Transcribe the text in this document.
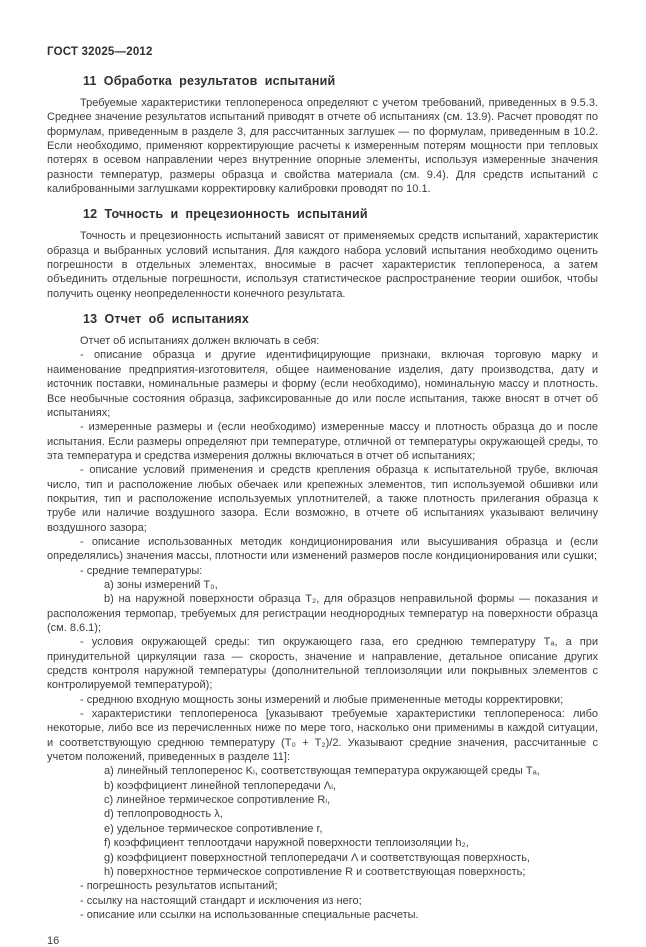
ГОСТ 32025—2012
11 Обработка результатов испытаний

Требуемые характеристики теплопереноса определяют с учетом требований, приведенных в 9.5.3. Среднее значение результатов испытаний приводят в отчете об испытаниях (см. 13.9). Расчет проводят по формулам, приведенным в разделе 3, для рассчитанных заглушек — по формулам, приведенным в 10.2. Если необходимо, применяют корректирующие расчеты к измеренным потерям мощности при тепловых потерях в осевом направлении через внутренние опорные элементы, используя измеренные значения разности температур, размеры образца и свойства материала (см. 9.4). Для средств испытаний с калиброванными заглушками корректировку калибровки проводят по 10.1.

12 Точность и прецезионность испытаний

Точность и прецезионность испытаний зависят от применяемых средств испытаний, характеристик образца и выбранных условий испытания. Для каждого набора условий испытания необходимо оценить погрешности в отдельных элементах, вносимые в расчет характеристик теплопереноса, а затем объединить отдельные погрешности, используя статистическое распространение теории ошибок, чтобы получить оценку неопределенности конечного результата.

13 Отчет об испытаниях

Отчет об испытаниях должен включать в себя:

- описание образца и другие идентифицирующие признаки, включая торговую марку и наименование предприятия-изготовителя, общее наименование изделия, дату производства, дату и источник поставки, номинальные размеры и форму (если необходимо), номинальную массу и плотность. Все необычные состояния образца, зафиксированные до или после испытания, также вносят в отчет об испытаниях;

- измеренные размеры и (если необходимо) измеренные массу и плотность образца до и после испытания. Если размеры определяют при температуре, отличной от температуры окружающей среды, то эта температура и средства измерения должны включаться в отчет об испытаниях;

- описание условий применения и средств крепления образца к испытательной трубе, включая число, тип и расположение любых обечаек или крепежных элементов, тип используемой обшивки или покрытия, тип и расположение используемых уплотнителей, а также плотность прилегания образца к трубе или наличие воздушного зазора. Если возможно, в отчете об испытаниях указывают величину воздушного зазора;

- описание использованных методик кондиционирования или высушивания образца и (если определялись) значения массы, плотности или изменений размеров после кондиционирования или сушки;

- средние температуры:

a) зоны измерений T₀,

b) на наружной поверхности образца T₂, для образцов неправильной формы — показания и расположения термопар, требуемых для регистрации неоднородных температур на поверхности образца (см. 8.6.1);

- условия окружающей среды: тип окружающего газа, его среднюю температуру Tₐ, а при принудительной циркуляции газа — скорость, значение и направление, детальное описание других средств контроля наружной температуры (дополнительной теплоизоляции или покрывных элементов с контролируемой температурой);

- среднюю входную мощность зоны измерений и любые примененные методы корректировки;

- характеристики теплопереноса [указывают требуемые характеристики теплопереноса: либо некоторые, либо все из перечисленных ниже по мере того, насколько они применимы в каждой ситуации, и соответствующую среднюю температуру (T₀ + T₂)/2. Указывают средние значения, рассчитанные с учетом положений, приведенных в разделе 11]:

a) линейный теплоперенос Kₗ, соответствующая температура окружающей среды Tₐ,

b) коэффициент линейной теплопередачи Λₗ,

c) линейное термическое сопротивление Rₗ,

d) теплопроводность λ,

e) удельное термическое сопротивление r,

f) коэффициент теплоотдачи наружной поверхности теплоизоляции h₂,

g) коэффициент поверхностной теплопередачи Λ и соответствующая поверхность,

h) поверхностное термическое сопротивление R и соответствующая поверхность;

- погрешность результатов испытаний;

- ссылку на настоящий стандарт и исключения из него;

- описание или ссылки на использованные специальные расчеты.

16
